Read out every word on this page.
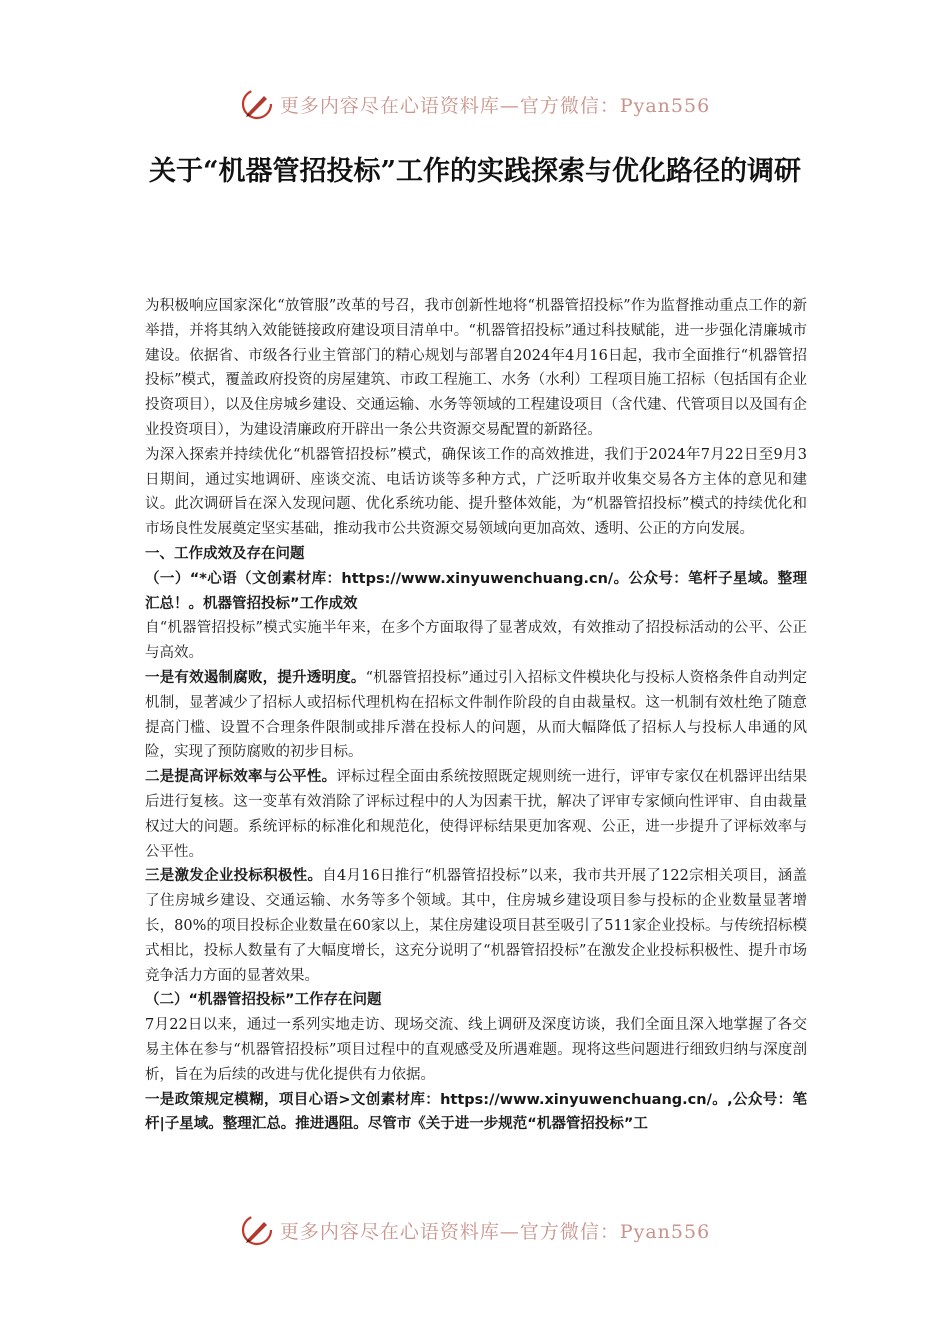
更多内容尽在心语资料库—官方微信：Pyan556
关于“机器管招投标”工作的实践探索与优化路径的调研

为积极响应国家深化“放管服”改革的号召，我市创新性地将“机器管招投标”作为监督推动重点工作的新举措，并将其纳入效能链接政府建设项目清单中。“机器管招投标”通过科技赋能，进一步强化清廉城市建设。依据省、市级各行业主管部门的精心规划与部署自2024年4月16日起，我市全面推行“机器管招投标”模式，覆盖政府投资的房屋建筑、市政工程施工、水务（水利）工程项目施工招标（包括国有企业投资项目），以及住房城乡建设、交通运输、水务等领域的工程建设项目（含代建、代管项目以及国有企业投资项目），为建设清廉政府开辟出一条公共资源交易配置的新路径。

为深入探索并持续优化“机器管招投标”模式，确保该工作的高效推进，我们于2024年7月22日至9月3日期间，通过实地调研、座谈交流、电话访谈等多种方式，广泛听取并收集交易各方主体的意见和建议。此次调研旨在深入发现问题、优化系统功能、提升整体效能，为“机器管招投标”模式的持续优化和市场良性发展奠定坚实基础，推动我市公共资源交易领域向更加高效、透明、公正的方向发展。

一、工作成效及存在问题

（一）“*心语（文创素材库：https://www.xinyuwenchuang.cn/。公众号：笔杆子星域。整理汇总！。机器管招投标”工作成效

自“机器管招投标”模式实施半年来，在多个方面取得了显著成效，有效推动了招投标活动的公平、公正与高效。

一是有效遏制腐败，提升透明度。“机器管招投标”通过引入招标文件模块化与投标人资格条件自动判定机制，显著减少了招标人或招标代理机构在招标文件制作阶段的自由裁量权。这一机制有效杜绝了随意提高门槛、设置不合理条件限制或排斥潜在投标人的问题，从而大幅降低了招标人与投标人串通的风险，实现了预防腐败的初步目标。

二是提高评标效率与公平性。评标过程全面由系统按照既定规则统一进行，评审专家仅在机器评出结果后进行复核。这一变革有效消除了评标过程中的人为因素干扰，解决了评审专家倾向性评审、自由裁量权过大的问题。系统评标的标准化和规范化，使得评标结果更加客观、公正，进一步提升了评标效率与公平性。

三是激发企业投标积极性。自4月16日推行“机器管招投标”以来，我市共开展了122宗相关项目，涵盖了住房城乡建设、交通运输、水务等多个领域。其中，住房城乡建设项目参与投标的企业数量显著增长，80%的项目投标企业数量在60家以上，某住房建设项目甚至吸引了511家企业投标。与传统招标模式相比，投标人数量有了大幅度增长，这充分说明了“机器管招投标”在激发企业投标积极性、提升市场竞争活力方面的显著效果。

（二）“机器管招投标”工作存在问题

7月22日以来，通过一系列实地走访、现场交流、线上调研及深度访谈，我们全面且深入地掌握了各交易主体在参与“机器管招投标”项目过程中的直观感受及所遇难题。现将这些问题进行细致归纳与深度剖析，旨在为后续的改进与优化提供有力依据。

一是政策规定模糊，项目心语>文创素材库：https://www.xinyuwenchuang.cn/。,公众号：笔杆|子星域。整理汇总。推进遇阻。尽管市《关于进一步规范“机器管招投标”工

更多内容尽在心语资料库—官方微信：Pyan556
